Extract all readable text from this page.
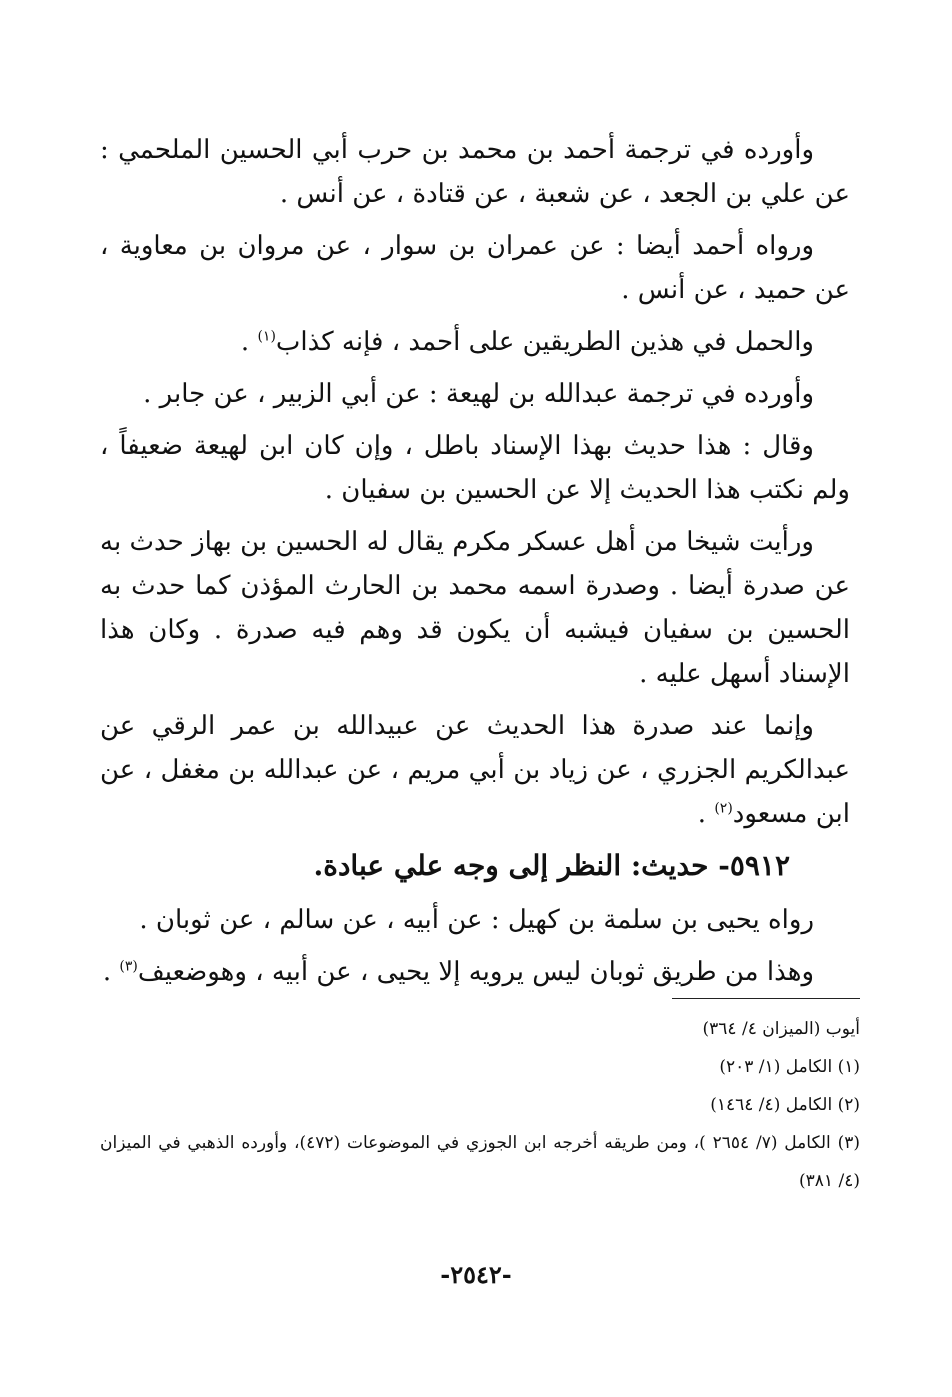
وأورده في ترجمة أحمد بن محمد بن حرب أبي الحسين الملحمي : عن علي بن الجعد ، عن شعبة ، عن قتادة ، عن أنس .

ورواه أحمد أيضا : عن عمران بن سوار ، عن مروان بن معاوية ، عن حميد ، عن أنس .

والحمل في هذين الطريقين على أحمد ، فإنه كذاب$^{(١)}$ .

وأورده في ترجمة عبدالله بن لهيعة : عن أبي الزبير ، عن جابر .

وقال : هذا حديث بهذا الإسناد باطل ، وإن كان ابن لهيعة ضعيفاً ، ولم نكتب هذا الحديث إلا عن الحسين بن سفيان .

ورأيت شيخا من أهل عسكر مكرم يقال له الحسين بن بهاز حدث به عن صدرة أيضا . وصدرة اسمه محمد بن الحارث المؤذن كما حدث به الحسين بن سفيان فيشبه أن يكون قد وهم فيه صدرة . وكان هذا الإسناد أسهل عليه .

وإنما عند صدرة هذا الحديث عن عبيدالله بن عمر الرقي عن عبدالكريم الجزري ، عن زياد بن أبي مريم ، عن عبدالله بن مغفل ، عن ابن مسعود$^{(٢)}$ .

٥٩١٢- حديث: النظر إلى وجه علي عبادة.

رواه يحيى بن سلمة بن كهيل : عن أبيه ، عن سالم ، عن ثوبان .

وهذا من طريق ثوبان ليس يرويه إلا يحيى ، عن أبيه ، وهوضعيف$^{(٣)}$ .

أيوب (الميزان ٤/ ٣٦٤)

(١) الكامل (١/ ٢٠٣)

(٢) الكامل (٤/ ١٤٦٤)

(٣) الكامل (٧/ ٢٦٥٤ )، ومن طريقه أخرجه ابن الجوزي في الموضوعات (٤٧٢)، وأورده الذهبي في الميزان (٤/ ٣٨١)

-٢٥٤٢-
